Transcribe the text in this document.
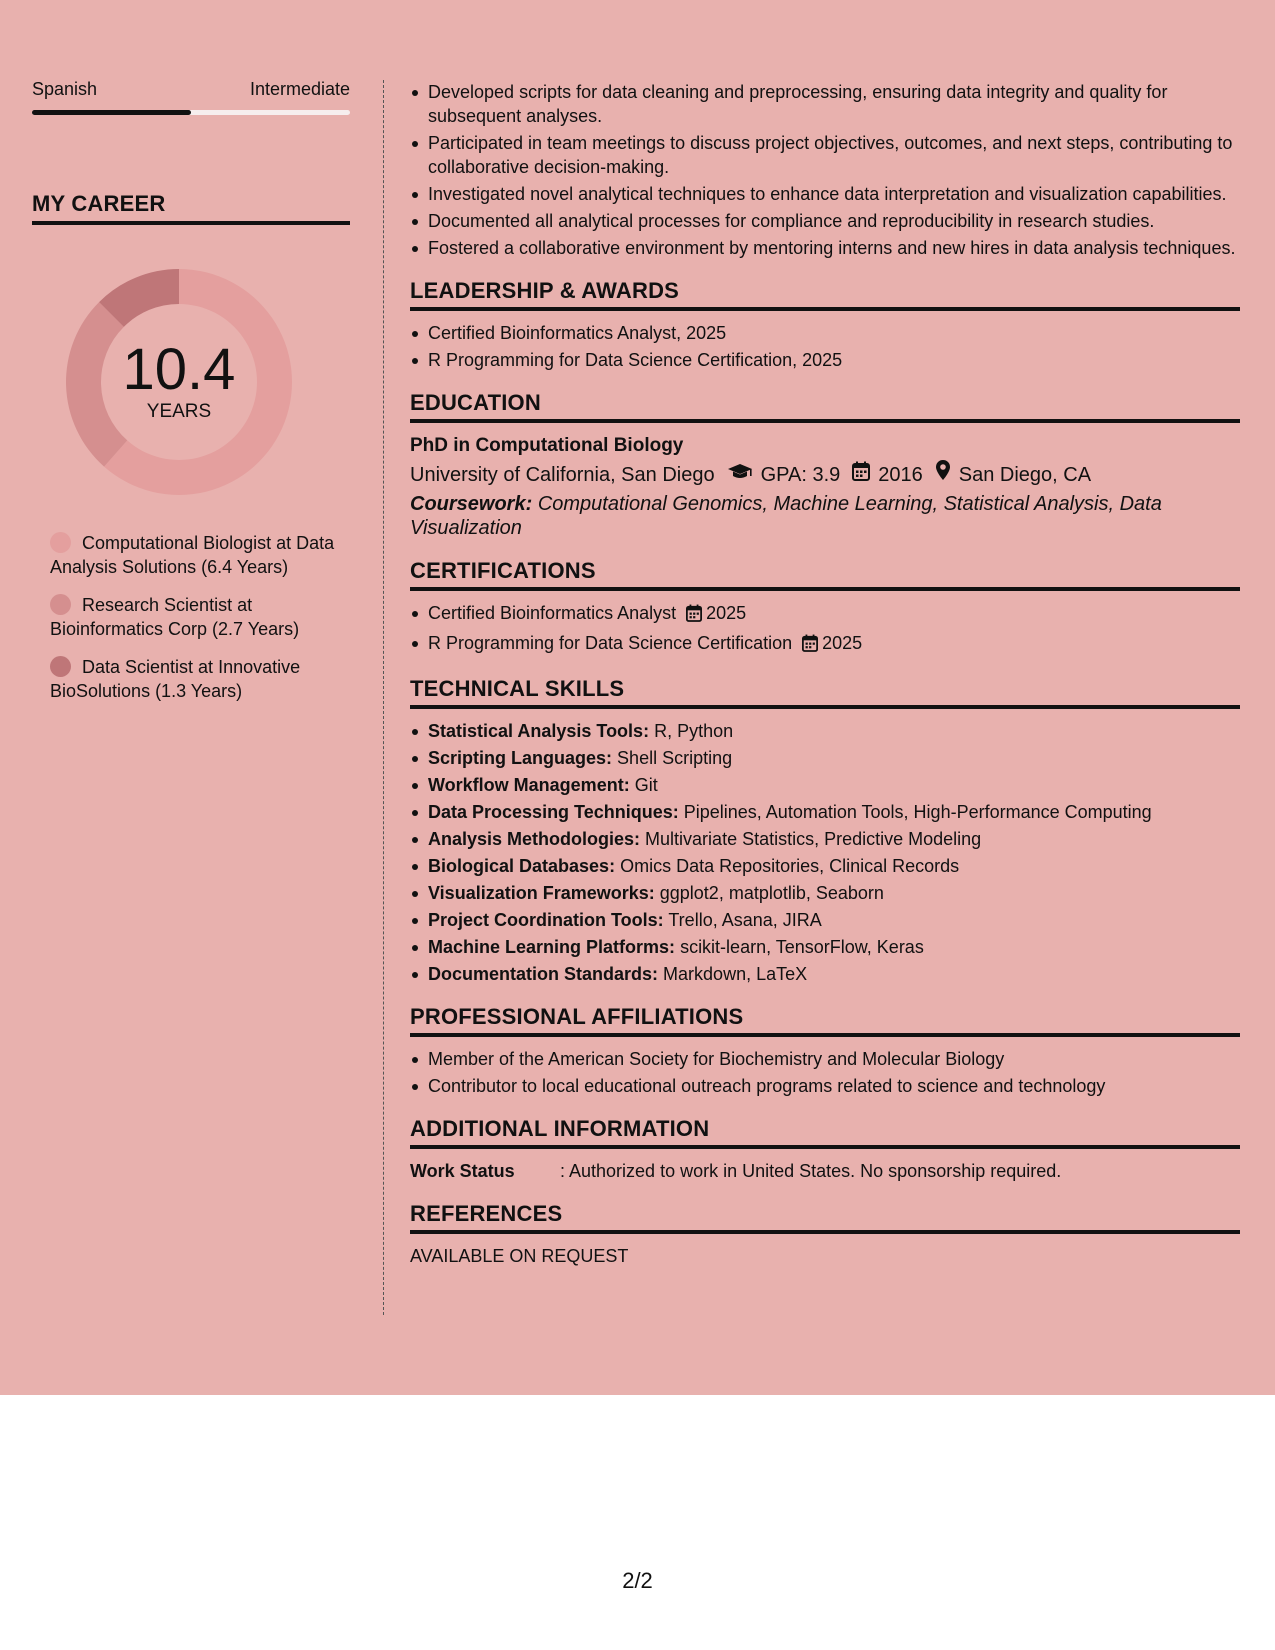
Spanish	Intermediate
MY CAREER
10.4
YEARS
Computational Biologist at Data Analysis Solutions (6.4 Years)
Research Scientist at Bioinformatics Corp (2.7 Years)
Data Scientist at Innovative BioSolutions (1.3 Years)
Developed scripts for data cleaning and preprocessing, ensuring data integrity and quality for subsequent analyses.
Participated in team meetings to discuss project objectives, outcomes, and next steps, contributing to collaborative decision-making.
Investigated novel analytical techniques to enhance data interpretation and visualization capabilities.
Documented all analytical processes for compliance and reproducibility in research studies.
Fostered a collaborative environment by mentoring interns and new hires in data analysis techniques.
LEADERSHIP & AWARDS
Certified Bioinformatics Analyst, 2025
R Programming for Data Science Certification, 2025
EDUCATION
PhD in Computational Biology
University of California, San Diego GPA: 3.9 2016 San Diego, CA
Coursework: Computational Genomics, Machine Learning, Statistical Analysis, Data Visualization
CERTIFICATIONS
Certified Bioinformatics Analyst 2025
R Programming for Data Science Certification 2025
TECHNICAL SKILLS
Statistical Analysis Tools: R, Python
Scripting Languages: Shell Scripting
Workflow Management: Git
Data Processing Techniques: Pipelines, Automation Tools, High-Performance Computing
Analysis Methodologies: Multivariate Statistics, Predictive Modeling
Biological Databases: Omics Data Repositories, Clinical Records
Visualization Frameworks: ggplot2, matplotlib, Seaborn
Project Coordination Tools: Trello, Asana, JIRA
Machine Learning Platforms: scikit-learn, TensorFlow, Keras
Documentation Standards: Markdown, LaTeX
PROFESSIONAL AFFILIATIONS
Member of the American Society for Biochemistry and Molecular Biology
Contributor to local educational outreach programs related to science and technology
ADDITIONAL INFORMATION
Work Status	: Authorized to work in United States. No sponsorship required.
REFERENCES
AVAILABLE ON REQUEST
2/2
